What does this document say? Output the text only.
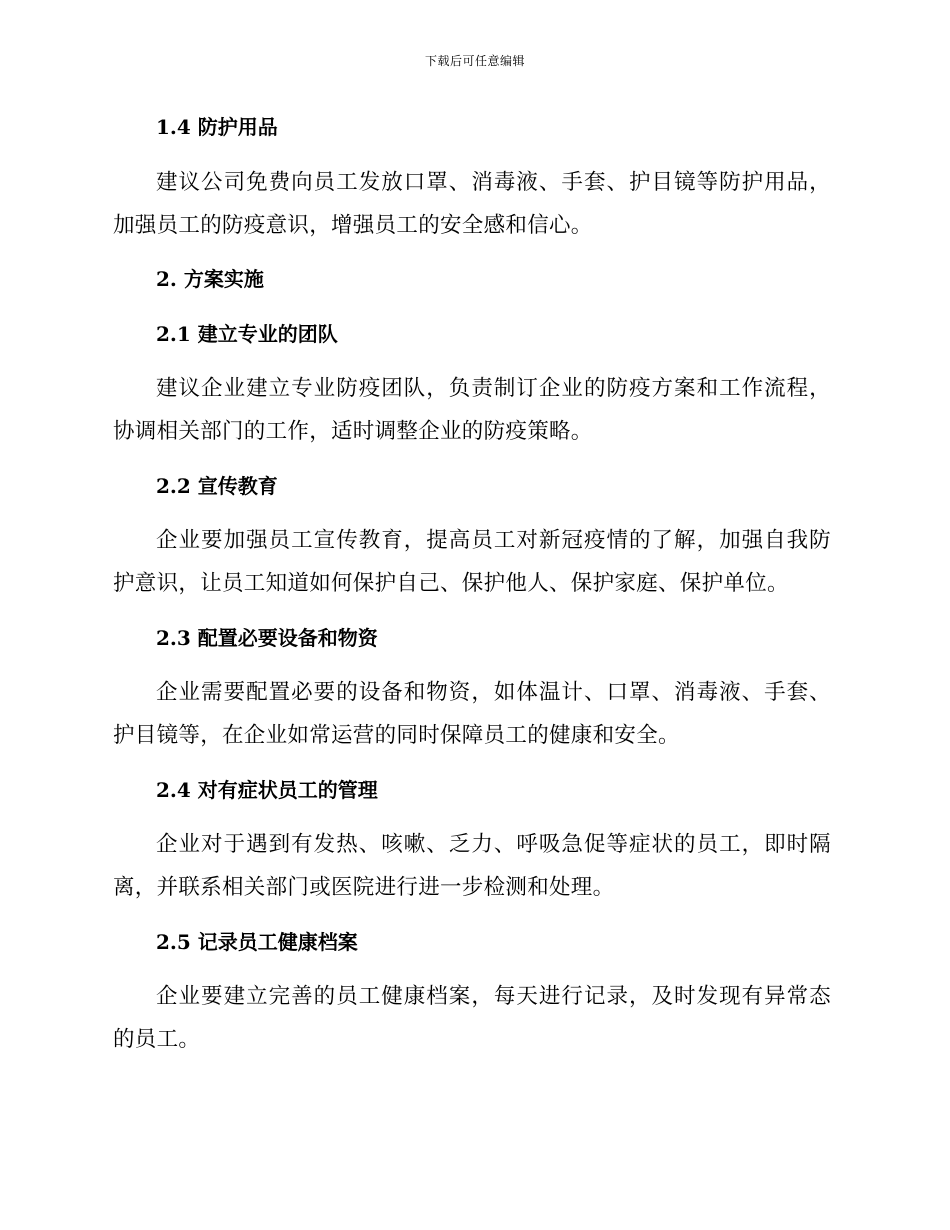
下载后可任意编辑
1.4 防护用品
建议公司免费向员工发放口罩、消毒液、手套、护目镜等防护用品，加强员工的防疫意识，增强员工的安全感和信心。
2. 方案实施
2.1 建立专业的团队
建议企业建立专业防疫团队，负责制订企业的防疫方案和工作流程，协调相关部门的工作，适时调整企业的防疫策略。
2.2 宣传教育
企业要加强员工宣传教育，提高员工对新冠疫情的了解，加强自我防护意识，让员工知道如何保护自己、保护他人、保护家庭、保护单位。
2.3 配置必要设备和物资
企业需要配置必要的设备和物资，如体温计、口罩、消毒液、手套、护目镜等，在企业如常运营的同时保障员工的健康和安全。
2.4 对有症状员工的管理
企业对于遇到有发热、咳嗽、乏力、呼吸急促等症状的员工，即时隔离，并联系相关部门或医院进行进一步检测和处理。
2.5 记录员工健康档案
企业要建立完善的员工健康档案，每天进行记录，及时发现有异常态的员工。
